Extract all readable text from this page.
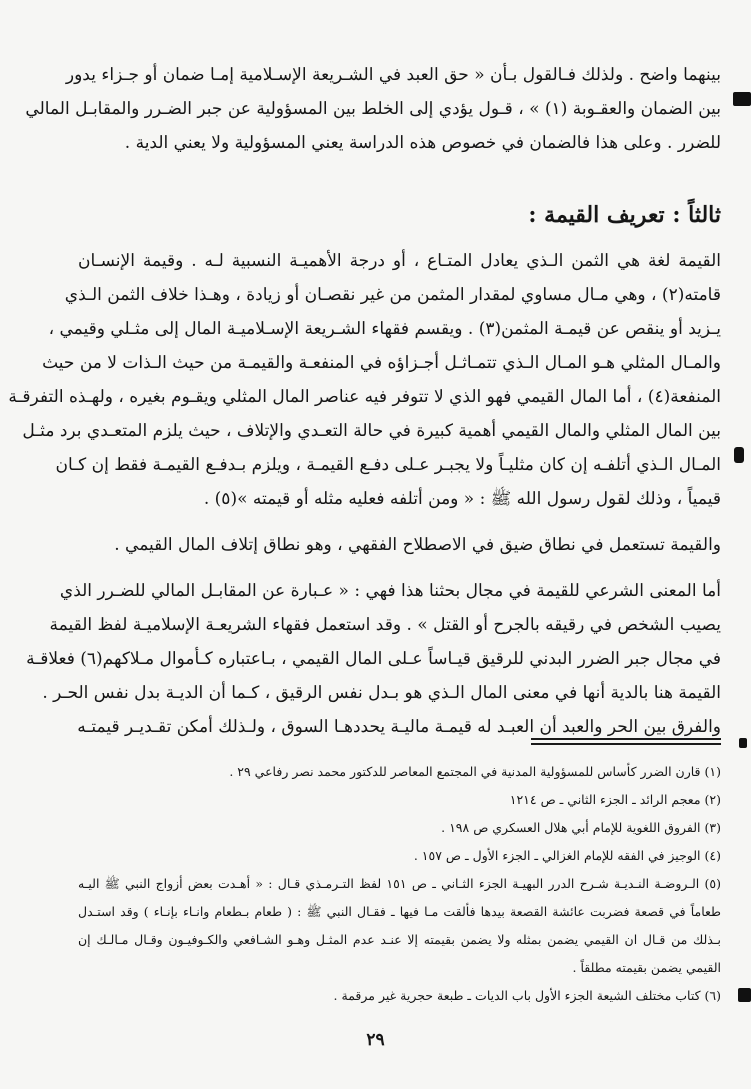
بينهما واضح . ولذلك فـالقول بـأن « حق العبد في الشـريعة الإسـلامية إمـا ضمان أو جـزاء يدور
بين الضمان والعقـوبة (١) » ، قـول يؤدي إلى الخلط بين المسؤولية عن جبر الضـرر والمقابـل المالي
للضرر . وعلى هذا فالضمان في خصوص هذه الدراسة يعني المسؤولية ولا يعني الدية .
ثالثاً : تعريف القيمة :
القيمة لغة هي الثمن الـذي يعادل المتـاع ، أو درجة الأهميـة النسبية لـه . وقيمة الإنسـان
قامته(٢) ، وهي مـال مساوي لمقدار المثمن من غير نقصـان أو زيادة ، وهـذا خلاف الثمن الـذي
يـزيد أو ينقص عن قيمـة المثمن(٣) . ويقسم فقهاء الشـريعة الإسـلاميـة المال إلى مثـلي وقيمي ،
والمـال المثلي هـو المـال الـذي تتمـاثـل أجـزاؤه في المنفعـة والقيمـة من حيث الـذات لا من حيث
المنفعة(٤) ، أما المال القيمي فهو الذي لا تتوفر فيه عناصر المال المثلي ويقـوم بغيره ، ولهـذه التفرقـة
بين المال المثلي والمال القيمي أهمية كبيرة في حالة التعـدي والإتلاف ، حيث يلزم المتعـدي برد مثـل
المـال الـذي أتلفـه إن كان مثليـاً ولا يجبـر عـلى دفـع القيمـة ، ويلزم بـدفـع القيمـة فقط إن كـان
قيمياً ، وذلك لقول رسول الله ﷺ : « ومن أتلفه فعليه مثله أو قيمته »(٥) .
والقيمة تستعمل في نطاق ضيق في الاصطلاح الفقهي ، وهو نطاق إتلاف المال القيمي .
أما المعنى الشرعي للقيمة في مجال بحثنا هذا فهي : « عـبارة عن المقابـل المالي للضـرر الذي
يصيب الشخص في رقيقه بالجرح أو القتل » . وقد استعمل فقهاء الشريعـة الإسلاميـة لفظ القيمة
في مجال جبر الضرر البدني للرقيق قيـاساً عـلى المال القيمي ، بـاعتباره كـأموال مـلاكهم(٦) فعلاقـة
القيمة هنا بالدية أنها في معنى المال الـذي هو بـدل نفس الرقيق ، كـما أن الديـة بدل نفس الحـر .
والفرق بين الحر والعبد أن العبـد له قيمـة ماليـة يحددهـا السوق ، ولـذلك أمكن تقـديـر قيمتـه
(١) قارن الضرر كأساس للمسؤولية المدنية في المجتمع المعاصر للدكتور محمد نصر رفاعي ٢٩ .
(٢) معجم الرائد ـ الجزء الثاني ـ ص ١٢١٤
(٣) الفروق اللغوية للإمام أبي هلال العسكري ص ١٩٨ .
(٤) الوجيز في الفقه للإمام الغزالي ـ الجزء الأول ـ ص ١٥٧ .
(٥) الـروضـة النـديـة شـرح الدرر البهيـة الجزء الثـاني ـ ص ١٥١ لفظ التـرمـذي قـال : « أهـدت بعض أزواج النبي ﷺ اليـه
طعاماً في قصعة فضربت عائشة القصعة بيدها فألقت مـا فيها ـ فقـال النبي ﷺ : ( طعام بـطعام وانـاء بإنـاء ) وقد استـدل
بـذلك من قـال ان القيمي يضمن بمثله ولا يضمن بقيمته إلا عنـد عدم المثـل وهـو الشـافعي والكـوفيـون وقـال مـالـك إن
القيمي يضمن بقيمته مطلقاً .
(٦) كتاب مختلف الشيعة الجزء الأول باب الديات ـ طبعة حجرية غير مرقمة .
٢٩
